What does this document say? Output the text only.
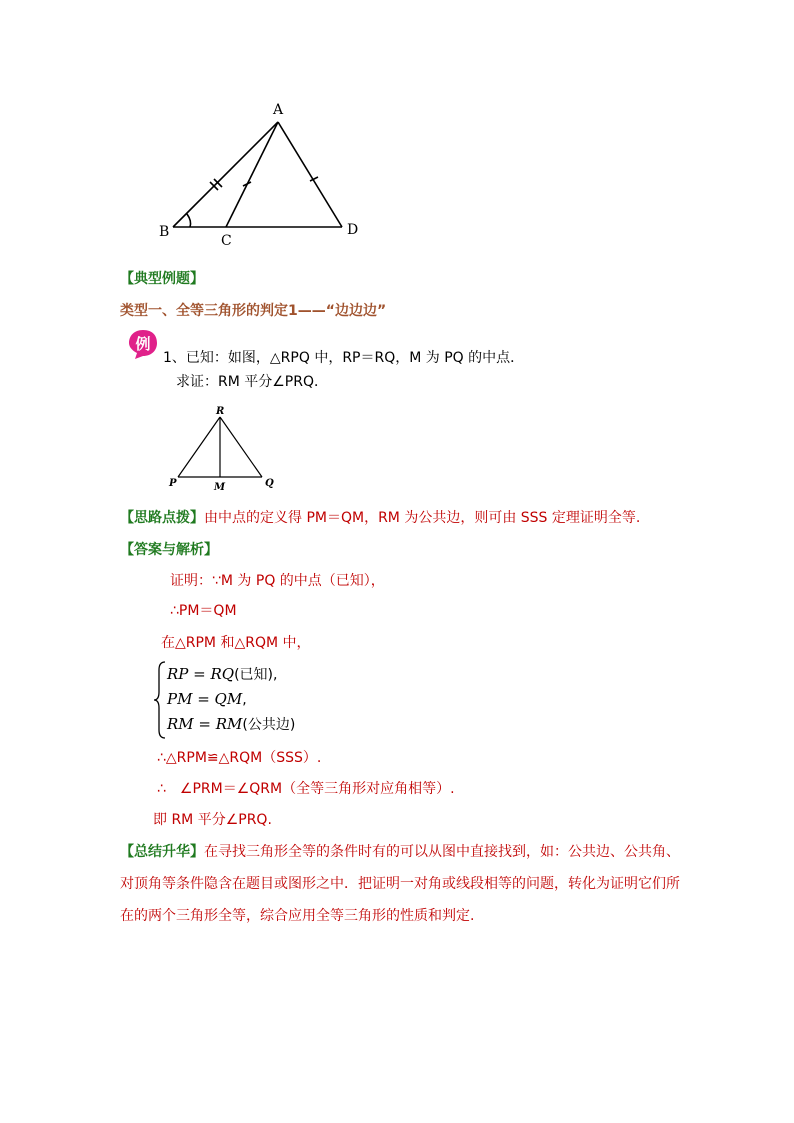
A
B
C
D
【典型例题】
类型一、全等三角形的判定1——“边边边”
例
1、已知：如图，△RPQ 中，RP＝RQ，M 为 PQ 的中点．
求证：RM 平分∠PRQ．
R
P	M	Q
【思路点拨】由中点的定义得 PM＝QM，RM 为公共边，则可由 SSS 定理证明全等.
【答案与解析】
证明：∵M 为 PQ 的中点（已知），
∴PM＝QM
在△RPM 和△RQM 中，
RP = RQ(已知),
PM = QM,
RM = RM(公共边)
∴△RPM≌△RQM（SSS）.
∴　∠PRM＝∠QRM（全等三角形对应角相等）.
即 RM 平分∠PRQ.
【总结升华】在寻找三角形全等的条件时有的可以从图中直接找到，如：公共边、公共角、
对顶角等条件隐含在题目或图形之中．把证明一对角或线段相等的问题，转化为证明它们所
在的两个三角形全等，综合应用全等三角形的性质和判定.
